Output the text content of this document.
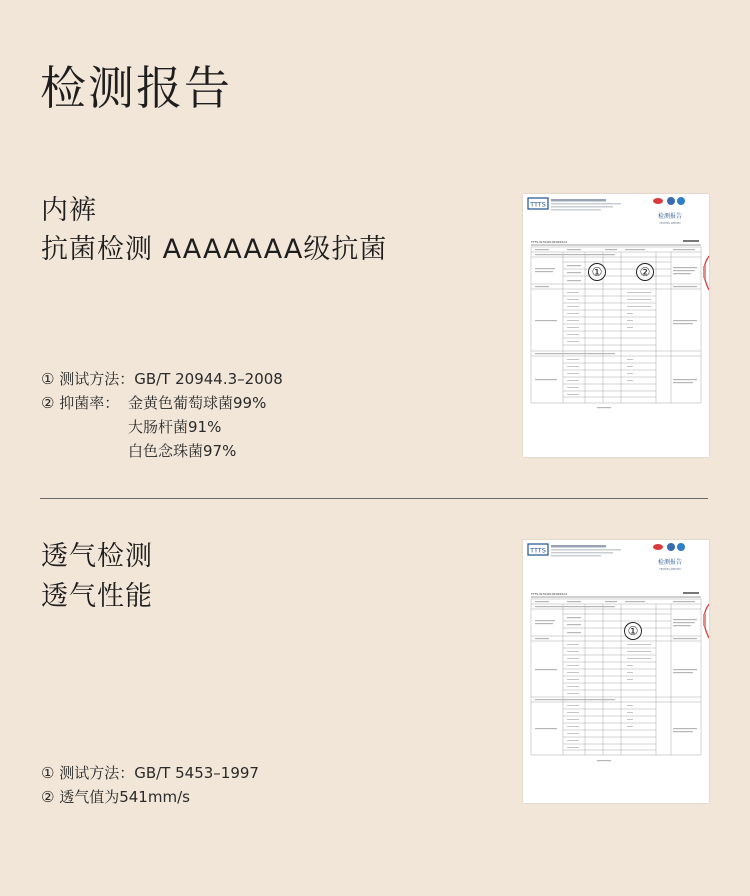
检测报告
内裤
抗菌检测 AAAAAAA级抗菌
① 测试方法： GB/T 20944.3–2008
② 抑菌率： 金黄色葡萄球菌99%
大肠杆菌91%
白色念珠菌97%
TTTS
检测报告
TESTING REPORT
TTTS-W70401020450A3
①	②
透气检测
透气性能
① 测试方法： GB/T 5453–1997
② 透气值为541mm/s
TTTS
检测报告
TESTING REPORT
TTTS-W70401020450A3
①
